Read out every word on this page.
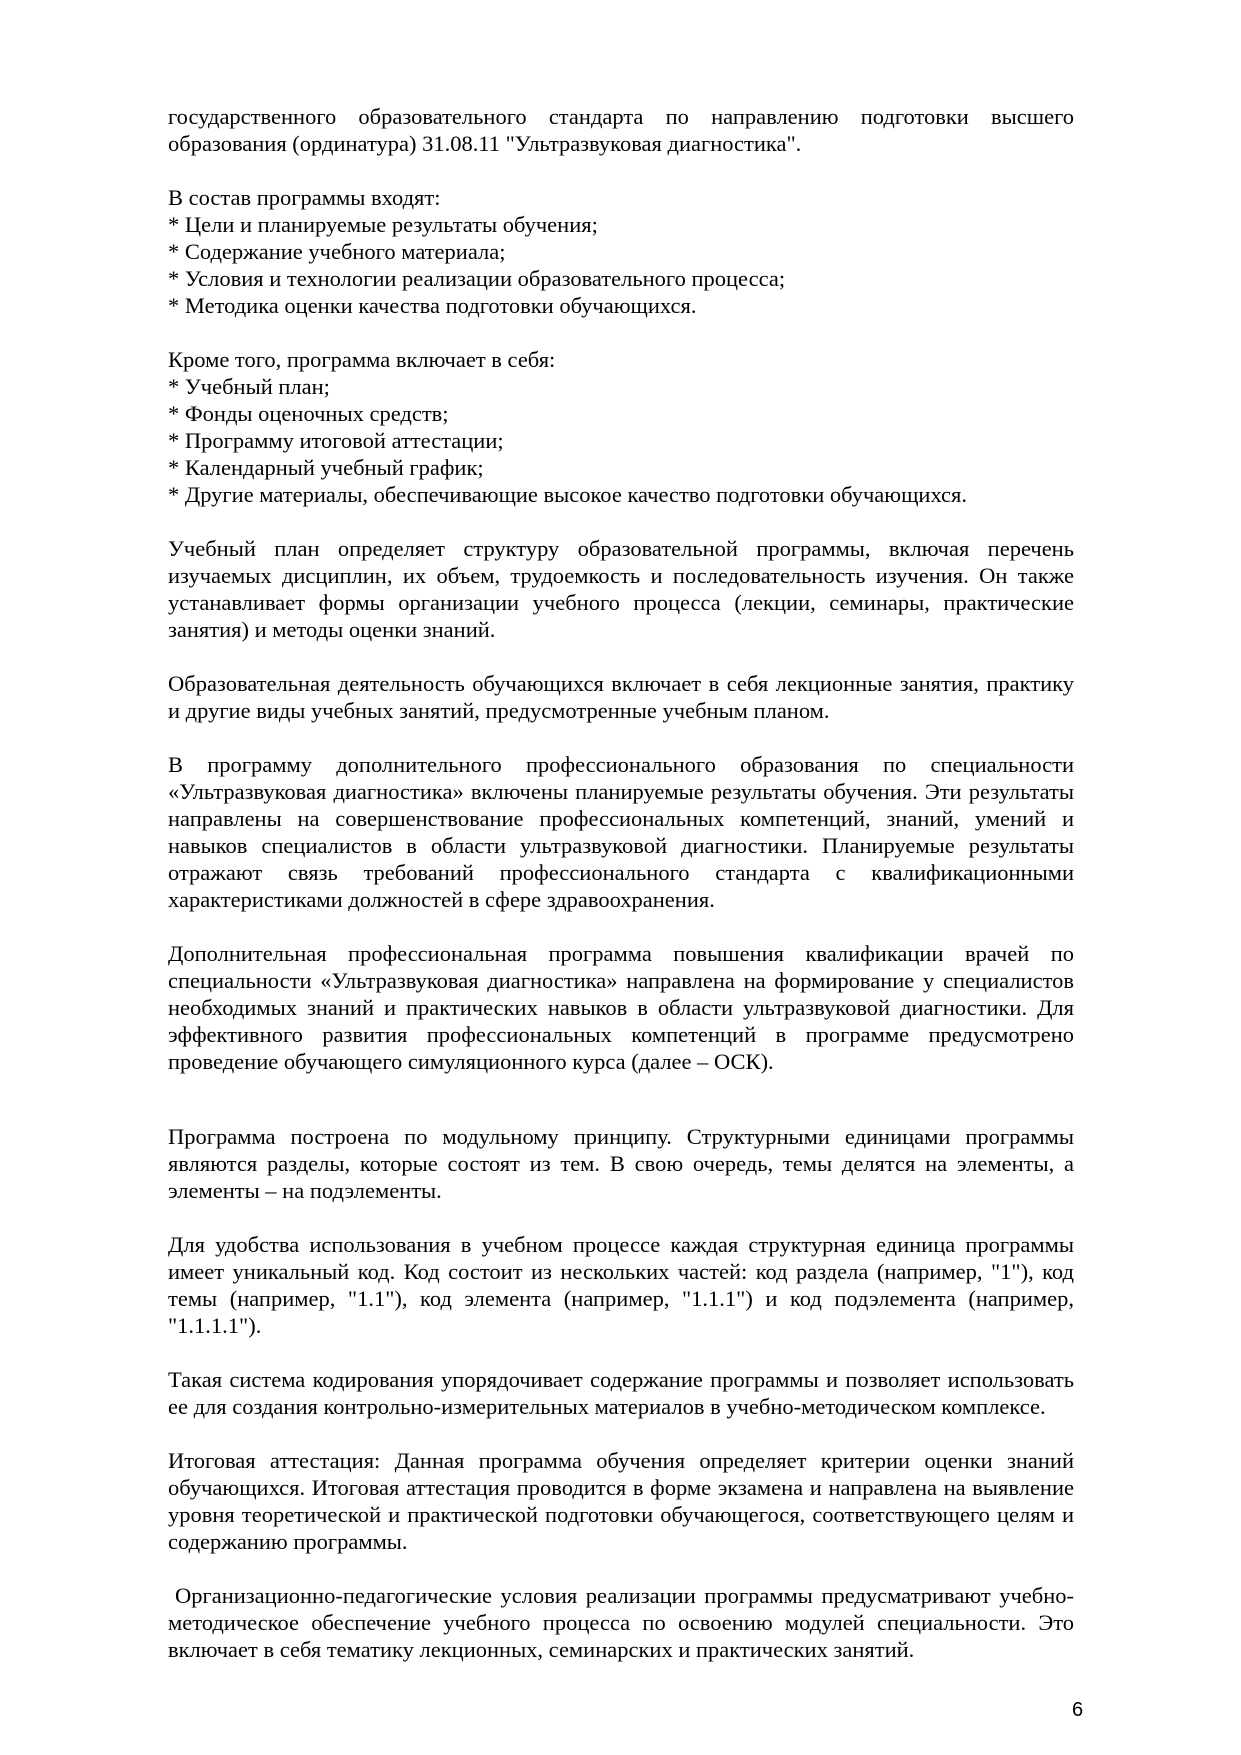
государственного образовательного стандарта по направлению подготовки высшего образования (ординатура) 31.08.11 "Ультразвуковая диагностика".

В состав программы входят:

* Цели и планируемые результаты обучения;

* Содержание учебного материала;

* Условия и технологии реализации образовательного процесса;

* Методика оценки качества подготовки обучающихся.

Кроме того, программа включает в себя:

* Учебный план;

* Фонды оценочных средств;

* Программу итоговой аттестации;

* Календарный учебный график;

* Другие материалы, обеспечивающие высокое качество подготовки обучающихся.

Учебный план определяет структуру образовательной программы, включая перечень изучаемых дисциплин, их объем, трудоемкость и последовательность изучения. Он также устанавливает формы организации учебного процесса (лекции, семинары, практические занятия) и методы оценки знаний.

Образовательная деятельность обучающихся включает в себя лекционные занятия, практику и другие виды учебных занятий, предусмотренные учебным планом.

В программу дополнительного профессионального образования по специальности «Ультразвуковая диагностика» включены планируемые результаты обучения. Эти результаты направлены на совершенствование профессиональных компетенций, знаний, умений и навыков специалистов в области ультразвуковой диагностики. Планируемые результаты отражают связь требований профессионального стандарта с квалификационными характеристиками должностей в сфере здравоохранения.

Дополнительная профессиональная программа повышения квалификации врачей по специальности «Ультразвуковая диагностика» направлена на формирование у специалистов необходимых знаний и практических навыков в области ультразвуковой диагностики. Для эффективного развития профессиональных компетенций в программе предусмотрено проведение обучающего симуляционного курса (далее – ОСК).

Программа построена по модульному принципу. Структурными единицами программы являются разделы, которые состоят из тем. В свою очередь, темы делятся на элементы, а элементы – на подэлементы.

Для удобства использования в учебном процессе каждая структурная единица программы имеет уникальный код. Код состоит из нескольких частей: код раздела (например, "1"), код темы (например, "1.1"), код элемента (например, "1.1.1") и код подэлемента (например, "1.1.1.1").

Такая система кодирования упорядочивает содержание программы и позволяет использовать ее для создания контрольно-измерительных материалов в учебно-методическом комплексе.

Итоговая аттестация: Данная программа обучения определяет критерии оценки знаний обучающихся. Итоговая аттестация проводится в форме экзамена и направлена на выявление уровня теоретической и практической подготовки обучающегося, соответствующего целям и содержанию программы.

Организационно-педагогические условия реализации программы предусматривают учебно-методическое обеспечение учебного процесса по освоению модулей специальности. Это включает в себя тематику лекционных, семинарских и практических занятий.

6
